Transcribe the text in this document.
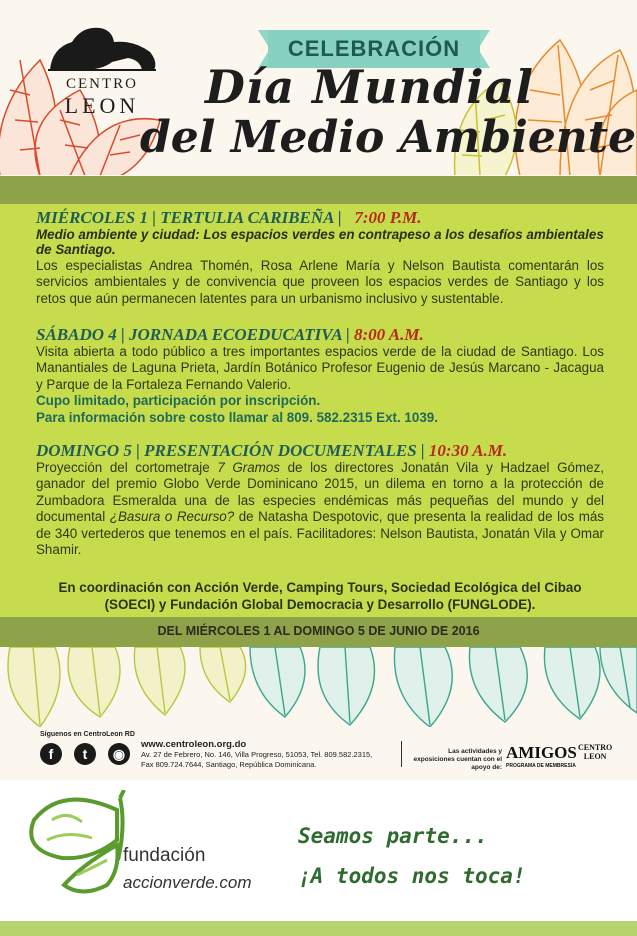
CENTRO
LEON
CELEBRACIÓN
Día Mundial
del Medio Ambiente
MIÉRCOLES 1 | TERTULIA CARIBEÑA |   7:00 P.M.
Medio ambiente y ciudad: Los espacios verdes en contrapeso a los desafíos ambientales de Santiago.
Los especialistas Andrea Thomén, Rosa Arlene María y Nelson Bautista comentarán los servicios ambientales y de convivencia que proveen los espacios verdes de Santiago y los retos que aún permanecen latentes para un urbanismo inclusivo y sustentable.
SÁBADO 4 | JORNADA ECOEDUCATIVA | 8:00 A.M.
Visita abierta a todo público a tres importantes espacios verde de la ciudad de Santiago. Los Manantiales de Laguna Prieta, Jardín Botánico Profesor Eugenio de Jesús Marcano - Jacagua y Parque de la Fortaleza Fernando Valerio.
Cupo limitado, participación por inscripción.
Para información sobre costo llamar al 809. 582.2315 Ext. 1039.
DOMINGO 5 | PRESENTACIÓN DOCUMENTALES | 10:30 A.M.
Proyección del cortometraje 7 Gramos de los directores Jonatán Vila y Hadzael Gómez, ganador del premio Globo Verde Dominicano 2015, un dilema en torno a la protección de Zumbadora Esmeralda una de las especies endémicas más pequeñas del mundo y del documental ¿Basura o Recurso? de Natasha Despotovic, que presenta la realidad de los más de 340 vertederos que tenemos en el país. Facilitadores: Nelson Bautista, Jonatán Vila y Omar Shamir.
En coordinación con Acción Verde, Camping Tours, Sociedad Ecológica del Cibao (SOECI) y Fundación Global Democracia y Desarrollo (FUNGLODE).
DEL MIÉRCOLES 1 AL DOMINGO 5 DE JUNIO DE 2016
Síguenos en CentroLeon RD
f	t	◉
www.centroleon.org.do
Av. 27 de Febrero, No. 146, Villa Progreso, 51053, Tel. 809.582.2315,
Fax 809.724.7644, Santiago, República Dominicana.
Las actividades y exposiciones cuentan con el apoyo de:
AMIGOS
PROGRAMA DE MEMBRESÍA
CENTRO
LEON
fundación
accionverde.com
Seamos parte...
¡A todos nos toca!
